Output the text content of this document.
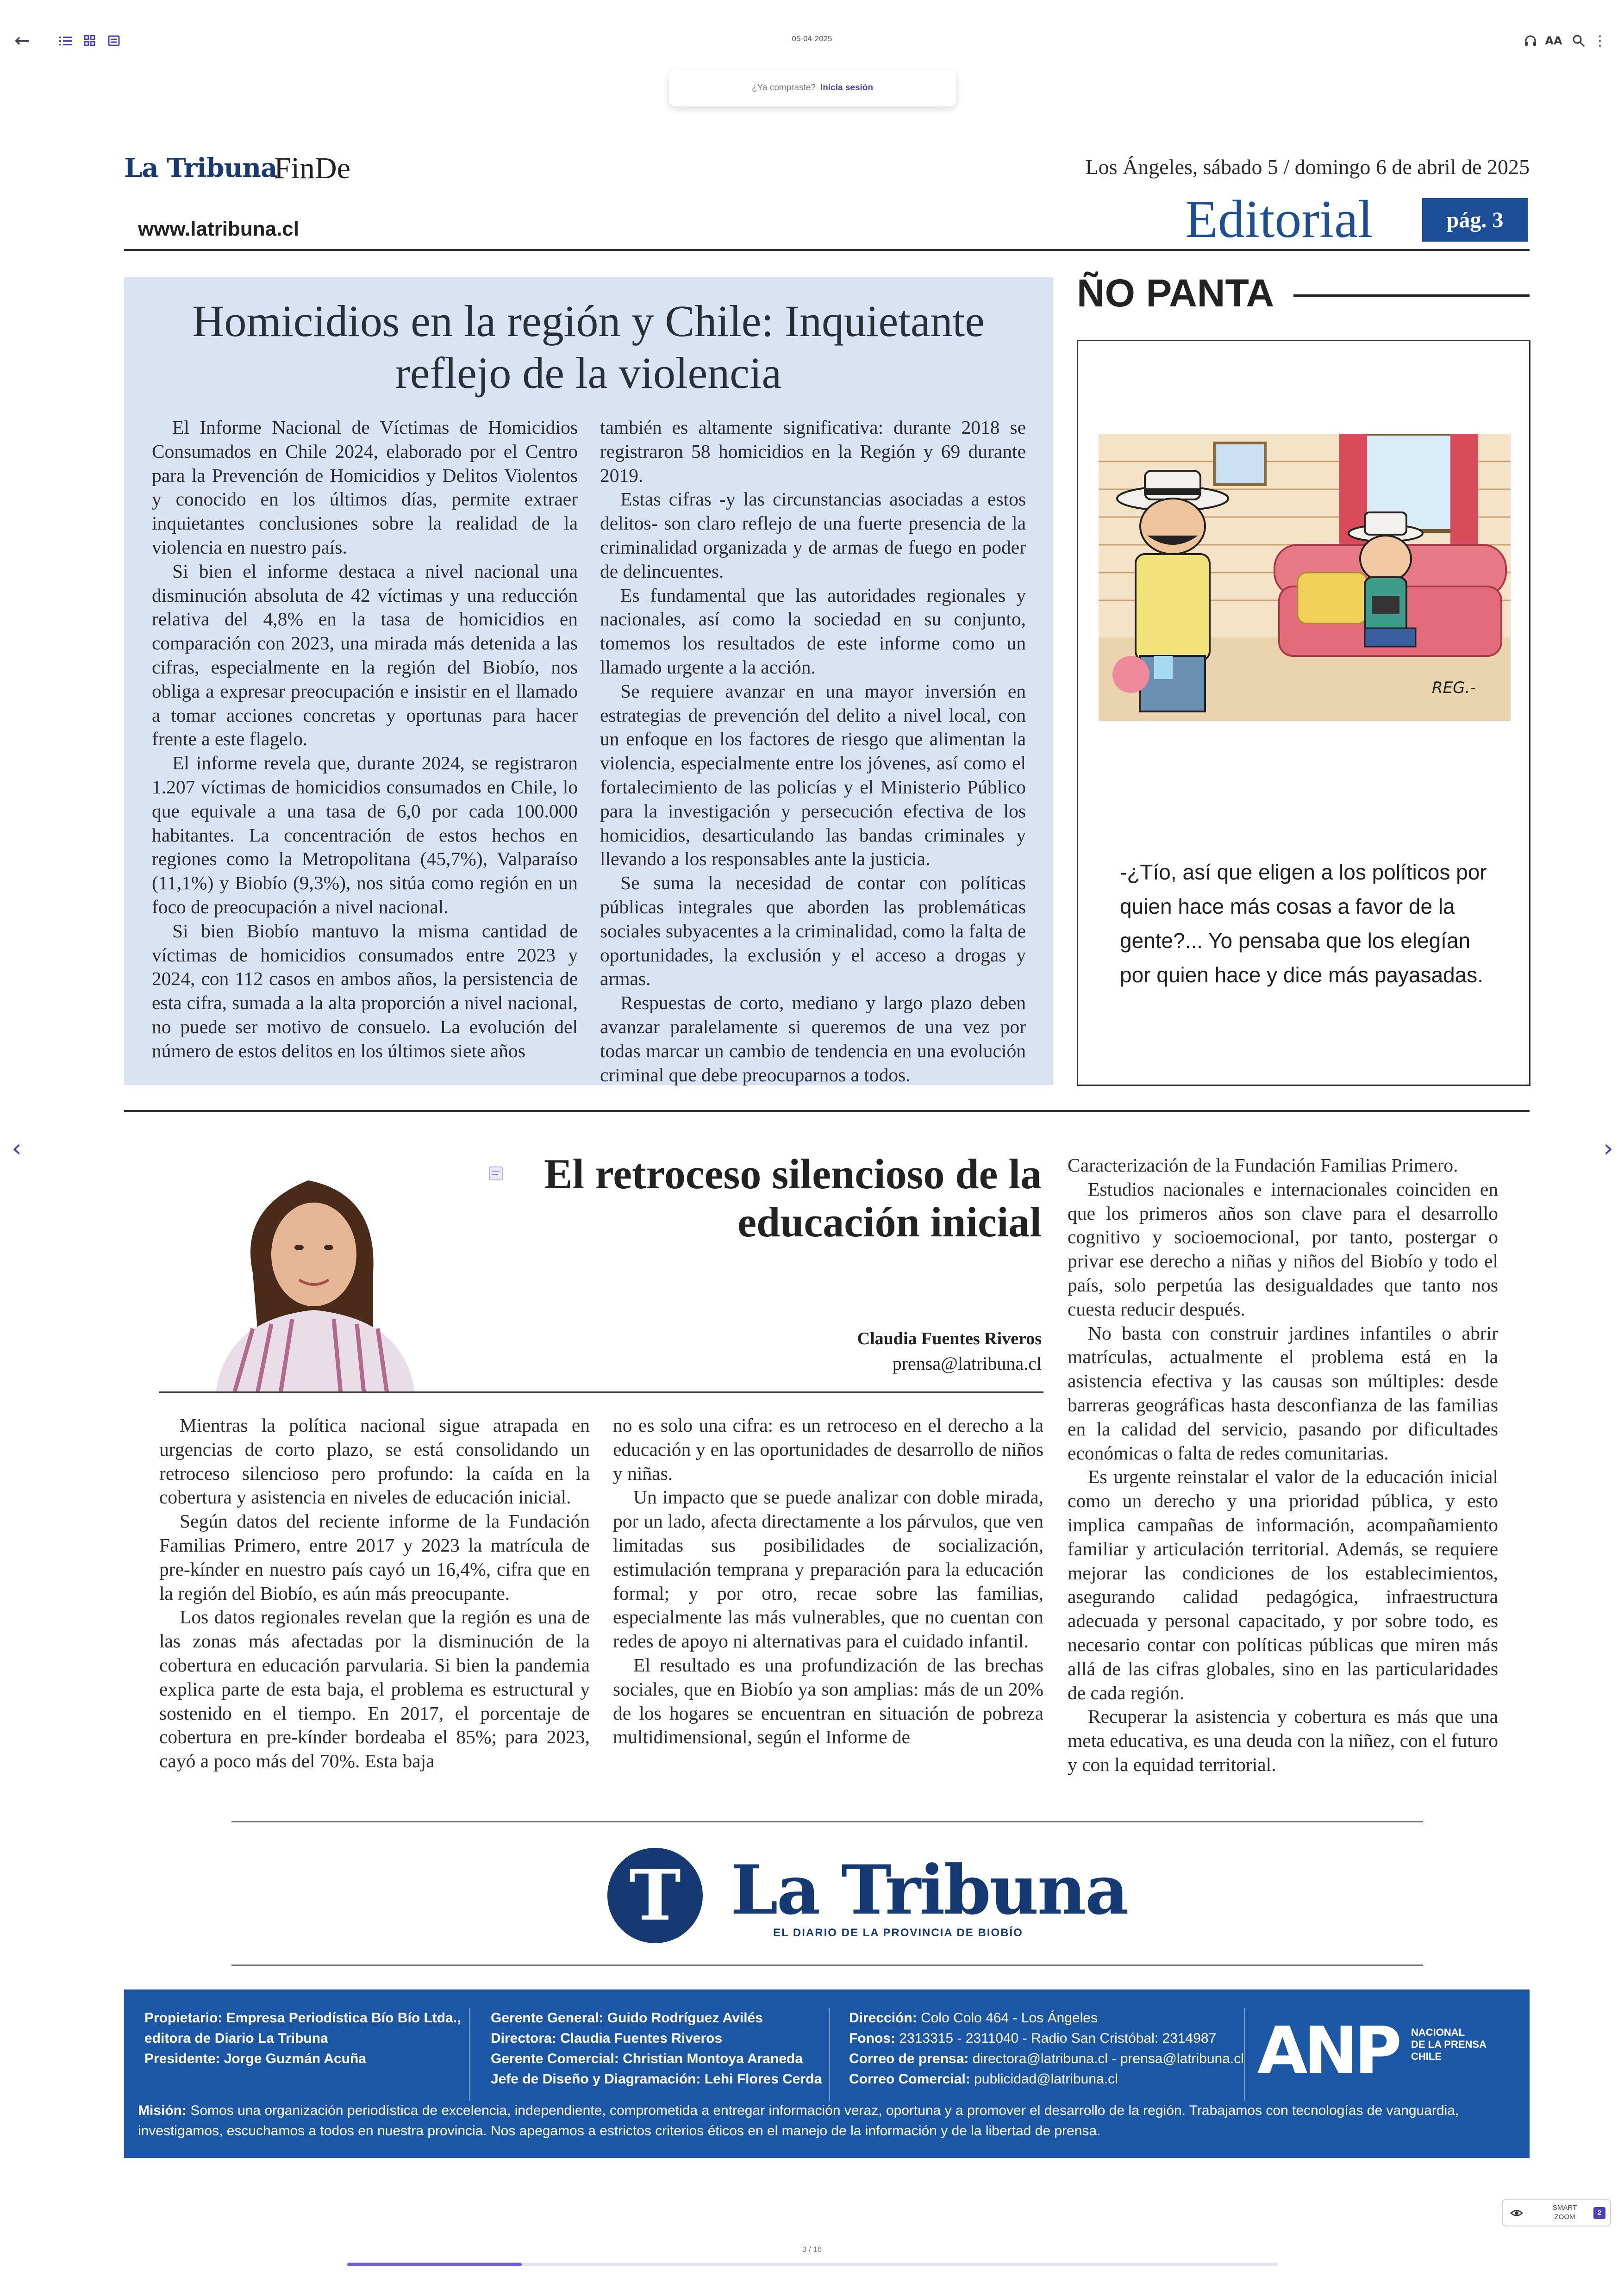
←	05-04-2025	AA ⋮
¿Ya compraste? Inicia sesión
‹	›
La Tribuna
FinDe	Los Ángeles, sábado 5 / domingo 6 de abril de 2025
www.latribuna.cl	Editorial	pág. 3
Homicidios en la región y Chile: Inquietante reflejo de la violencia

El Informe Nacional de Víctimas de Homicidios Consumados en Chile 2024, elaborado por el Centro para la Prevención de Homicidios y Delitos Violentos y conocido en los últimos días, permite extraer inquietantes conclusiones sobre la realidad de la violencia en nuestro país.

Si bien el informe destaca a nivel nacional una disminución absoluta de 42 víctimas y una reducción relativa del 4,8% en la tasa de homicidios en comparación con 2023, una mirada más detenida a las cifras, especialmente en la región del Biobío, nos obliga a expresar preocupación e insistir en el llamado a tomar acciones concretas y oportunas para hacer frente a este flagelo.

El informe revela que, durante 2024, se registraron 1.207 víctimas de homicidios consumados en Chile, lo que equivale a una tasa de 6,0 por cada 100.000 habitantes. La concentración de estos hechos en regiones como la Metropolitana (45,7%), Valparaíso (11,1%) y Biobío (9,3%), nos sitúa como región en un foco de preocupación a nivel nacional.

Si bien Biobío mantuvo la misma cantidad de víctimas de homicidios consumados entre 2023 y 2024, con 112 casos en ambos años, la persistencia de esta cifra, sumada a la alta proporción a nivel nacional, no puede ser motivo de consuelo. La evolución del número de estos delitos en los últimos siete años

también es altamente significativa: durante 2018 se registraron 58 homicidios en la Región y 69 durante 2019.

Estas cifras -y las circunstancias asociadas a estos delitos- son claro reflejo de una fuerte presencia de la criminalidad organizada y de armas de fuego en poder de delincuentes.

Es fundamental que las autoridades regionales y nacionales, así como la sociedad en su conjunto, tomemos los resultados de este informe como un llamado urgente a la acción.

Se requiere avanzar en una mayor inversión en estrategias de prevención del delito a nivel local, con un enfoque en los factores de riesgo que alimentan la violencia, especialmente entre los jóvenes, así como el fortalecimiento de las policías y el Ministerio Público para la investigación y persecución efectiva de los homicidios, desarticulando las bandas criminales y llevando a los responsables ante la justicia.

Se suma la necesidad de contar con políticas públicas integrales que aborden las problemáticas sociales subyacentes a la criminalidad, como la falta de oportunidades, la exclusión y el acceso a drogas y armas.

Respuestas de corto, mediano y largo plazo deben avanzar paralelamente si queremos de una vez por todas marcar un cambio de tendencia en una evolución criminal que debe preocuparnos a todos.

ÑO PANTA
REG.-
-¿Tío, así que eligen a los políticos por quien hace más cosas a favor de la gente?... Yo pensaba que los elegían por quien hace y dice más payasadas.
El retroceso silencioso de la educación inicial
Claudia Fuentes Riveros
prensa@latribuna.cl

Mientras la política nacional sigue atrapada en urgencias de corto plazo, se está consolidando un retroceso silencioso pero profundo: la caída en la cobertura y asistencia en niveles de educación inicial.

Según datos del reciente informe de la Fundación Familias Primero, entre 2017 y 2023 la matrícula de pre-kínder en nuestro país cayó un 16,4%, cifra que en la región del Biobío, es aún más preocupante.

Los datos regionales revelan que la región es una de las zonas más afectadas por la disminución de la cobertura en educación parvularia. Si bien la pandemia explica parte de esta baja, el problema es estructural y sostenido en el tiempo. En 2017, el porcentaje de cobertura en pre-kínder bordeaba el 85%; para 2023, cayó a poco más del 70%. Esta baja

no es solo una cifra: es un retroceso en el derecho a la educación y en las oportunidades de desarrollo de niños y niñas.

Un impacto que se puede analizar con doble mirada, por un lado, afecta directamente a los párvulos, que ven limitadas sus posibilidades de socialización, estimulación temprana y preparación para la educación formal; y por otro, recae sobre las familias, especialmente las más vulnerables, que no cuentan con redes de apoyo ni alternativas para el cuidado infantil.

El resultado es una profundización de las brechas sociales, que en Biobío ya son amplias: más de un 20% de los hogares se encuentran en situación de pobreza multidimensional, según el Informe de

Caracterización de la Fundación Familias Primero.

Estudios nacionales e internacionales coinciden en que los primeros años son clave para el desarrollo cognitivo y socioemocional, por tanto, postergar o privar ese derecho a niñas y niños del Biobío y todo el país, solo perpetúa las desigualdades que tanto nos cuesta reducir después.

No basta con construir jardines infantiles o abrir matrículas, actualmente el problema está en la asistencia efectiva y las causas son múltiples: desde barreras geográficas hasta desconfianza de las familias en la calidad del servicio, pasando por dificultades económicas o falta de redes comunitarias.

Es urgente reinstalar el valor de la educación inicial como un derecho y una prioridad pública, y esto implica campañas de información, acompañamiento familiar y articulación territorial. Además, se requiere mejorar las condiciones de los establecimientos, asegurando calidad pedagógica, infraestructura adecuada y personal capacitado, y por sobre todo, es necesario contar con políticas públicas que miren más allá de las cifras globales, sino en las particularidades de cada región.

Recuperar la asistencia y cobertura es más que una meta educativa, es una deuda con la niñez, con el futuro y con la equidad territorial.

T La Tribuna
EL DIARIO DE LA PROVINCIA DE BIOBÍO
Propietario: Empresa Periodística Bío Bío Ltda.,
editora de Diario La Tribuna
Presidente: Jorge Guzmán Acuña
Gerente General: Guido Rodríguez Avilés
Directora: Claudia Fuentes Riveros
Gerente Comercial: Christian Montoya Araneda
Jefe de Diseño y Diagramación: Lehi Flores Cerda
Dirección: Colo Colo 464 - Los Ángeles
Fonos: 2313315 - 2311040 - Radio San Cristóbal: 2314987
Correo de prensa: directora@latribuna.cl - prensa@latribuna.cl
Correo Comercial: publicidad@latribuna.cl	ANP NACIONAL
DE LA PRENSA
CHILE
Misión: Somos una organización periodística de excelencia, independiente, comprometida a entregar información veraz, oportuna y a promover el desarrollo de la región. Trabajamos con tecnologías de vanguardia, investigamos, escuchamos a todos en nuestra provincia. Nos apegamos a estrictos criterios éticos en el manejo de la información y de la libertad de prensa.
SMART
ZOOM
2
3 / 16
